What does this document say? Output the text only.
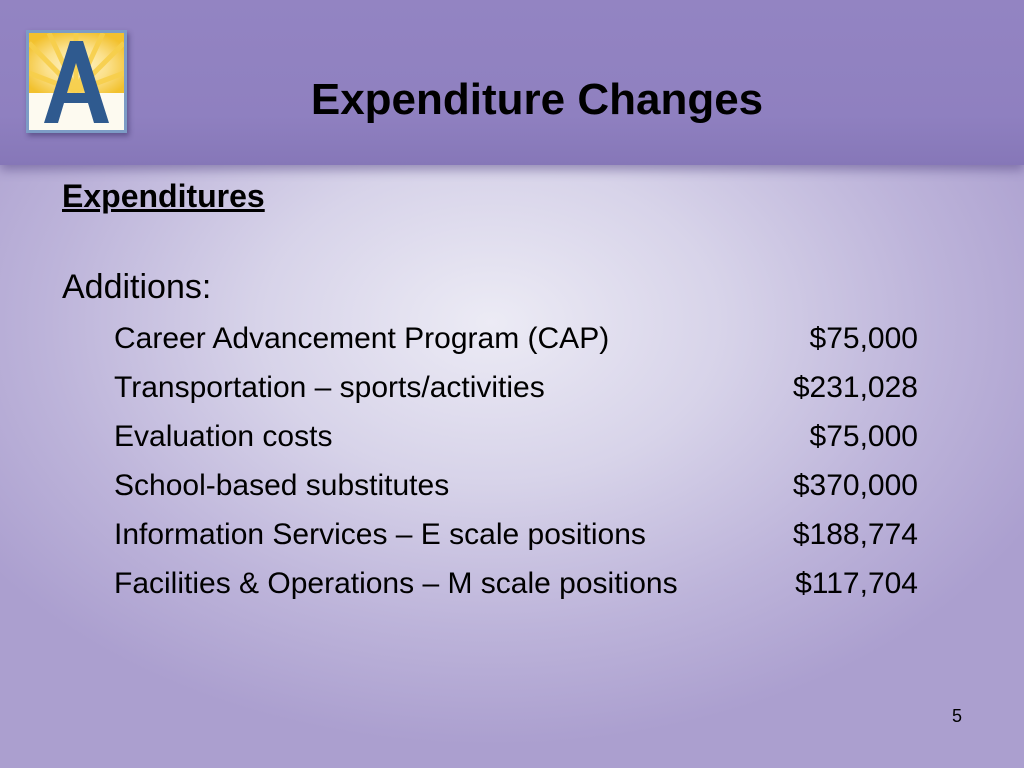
Expenditure Changes
Expenditures
Additions:
Career Advancement Program (CAP)	$75,000
Transportation – sports/activities	$231,028
Evaluation costs	$75,000
School-based substitutes	$370,000
Information Services – E scale positions	$188,774
Facilities & Operations – M scale positions	$117,704
5
